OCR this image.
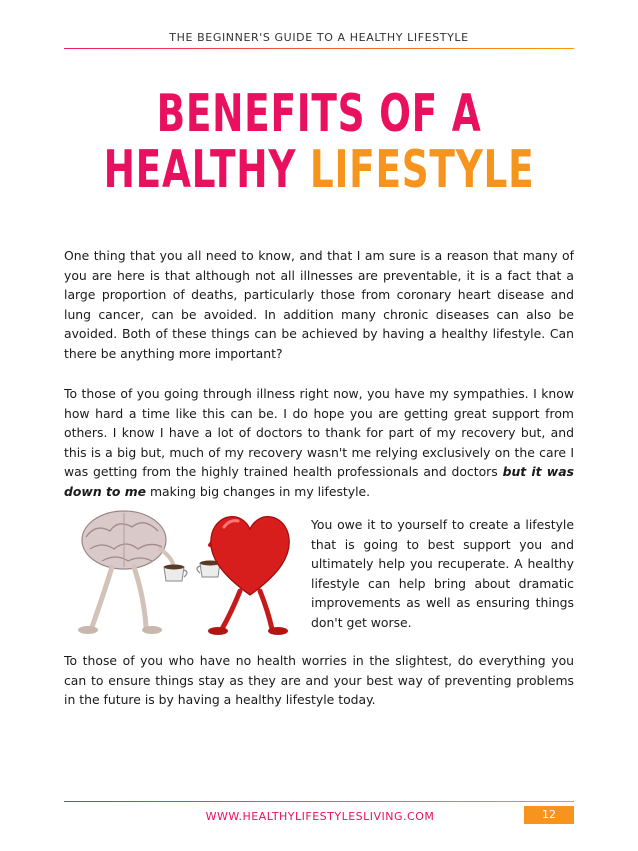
THE BEGINNER'S GUIDE TO A HEALTHY LIFESTYLE
BENEFITS OF A
HEALTHY LIFESTYLE
One thing that you all need to know, and that I am sure is a reason that many of you are here is that although not all illnesses are preventable, it is a fact that a large proportion of deaths, particularly those from coronary heart disease and lung cancer, can be avoided. In addition many chronic diseases can also be avoided. Both of these things can be achieved by having a healthy lifestyle. Can there be anything more important?
To those of you going through illness right now, you have my sympathies. I know how hard a time like this can be. I do hope you are getting great support from others. I know I have a lot of doctors to thank for part of my recovery but, and this is a big but, much of my recovery wasn't me relying exclusively on the care I was getting from the highly trained health professionals and doctors but it was down to me making big changes in my lifestyle.
You owe it to yourself to create a lifestyle that is going to best support you and ultimately help you recuperate. A healthy lifestyle can help bring about dramatic improvements as well as ensuring things don't get worse.
To those of you who have no health worries in the slightest, do everything you can to ensure things stay as they are and your best way of preventing problems in the future is by having a healthy lifestyle today.
WWW.HEALTHYLIFESTYLESLIVING.COM	12
